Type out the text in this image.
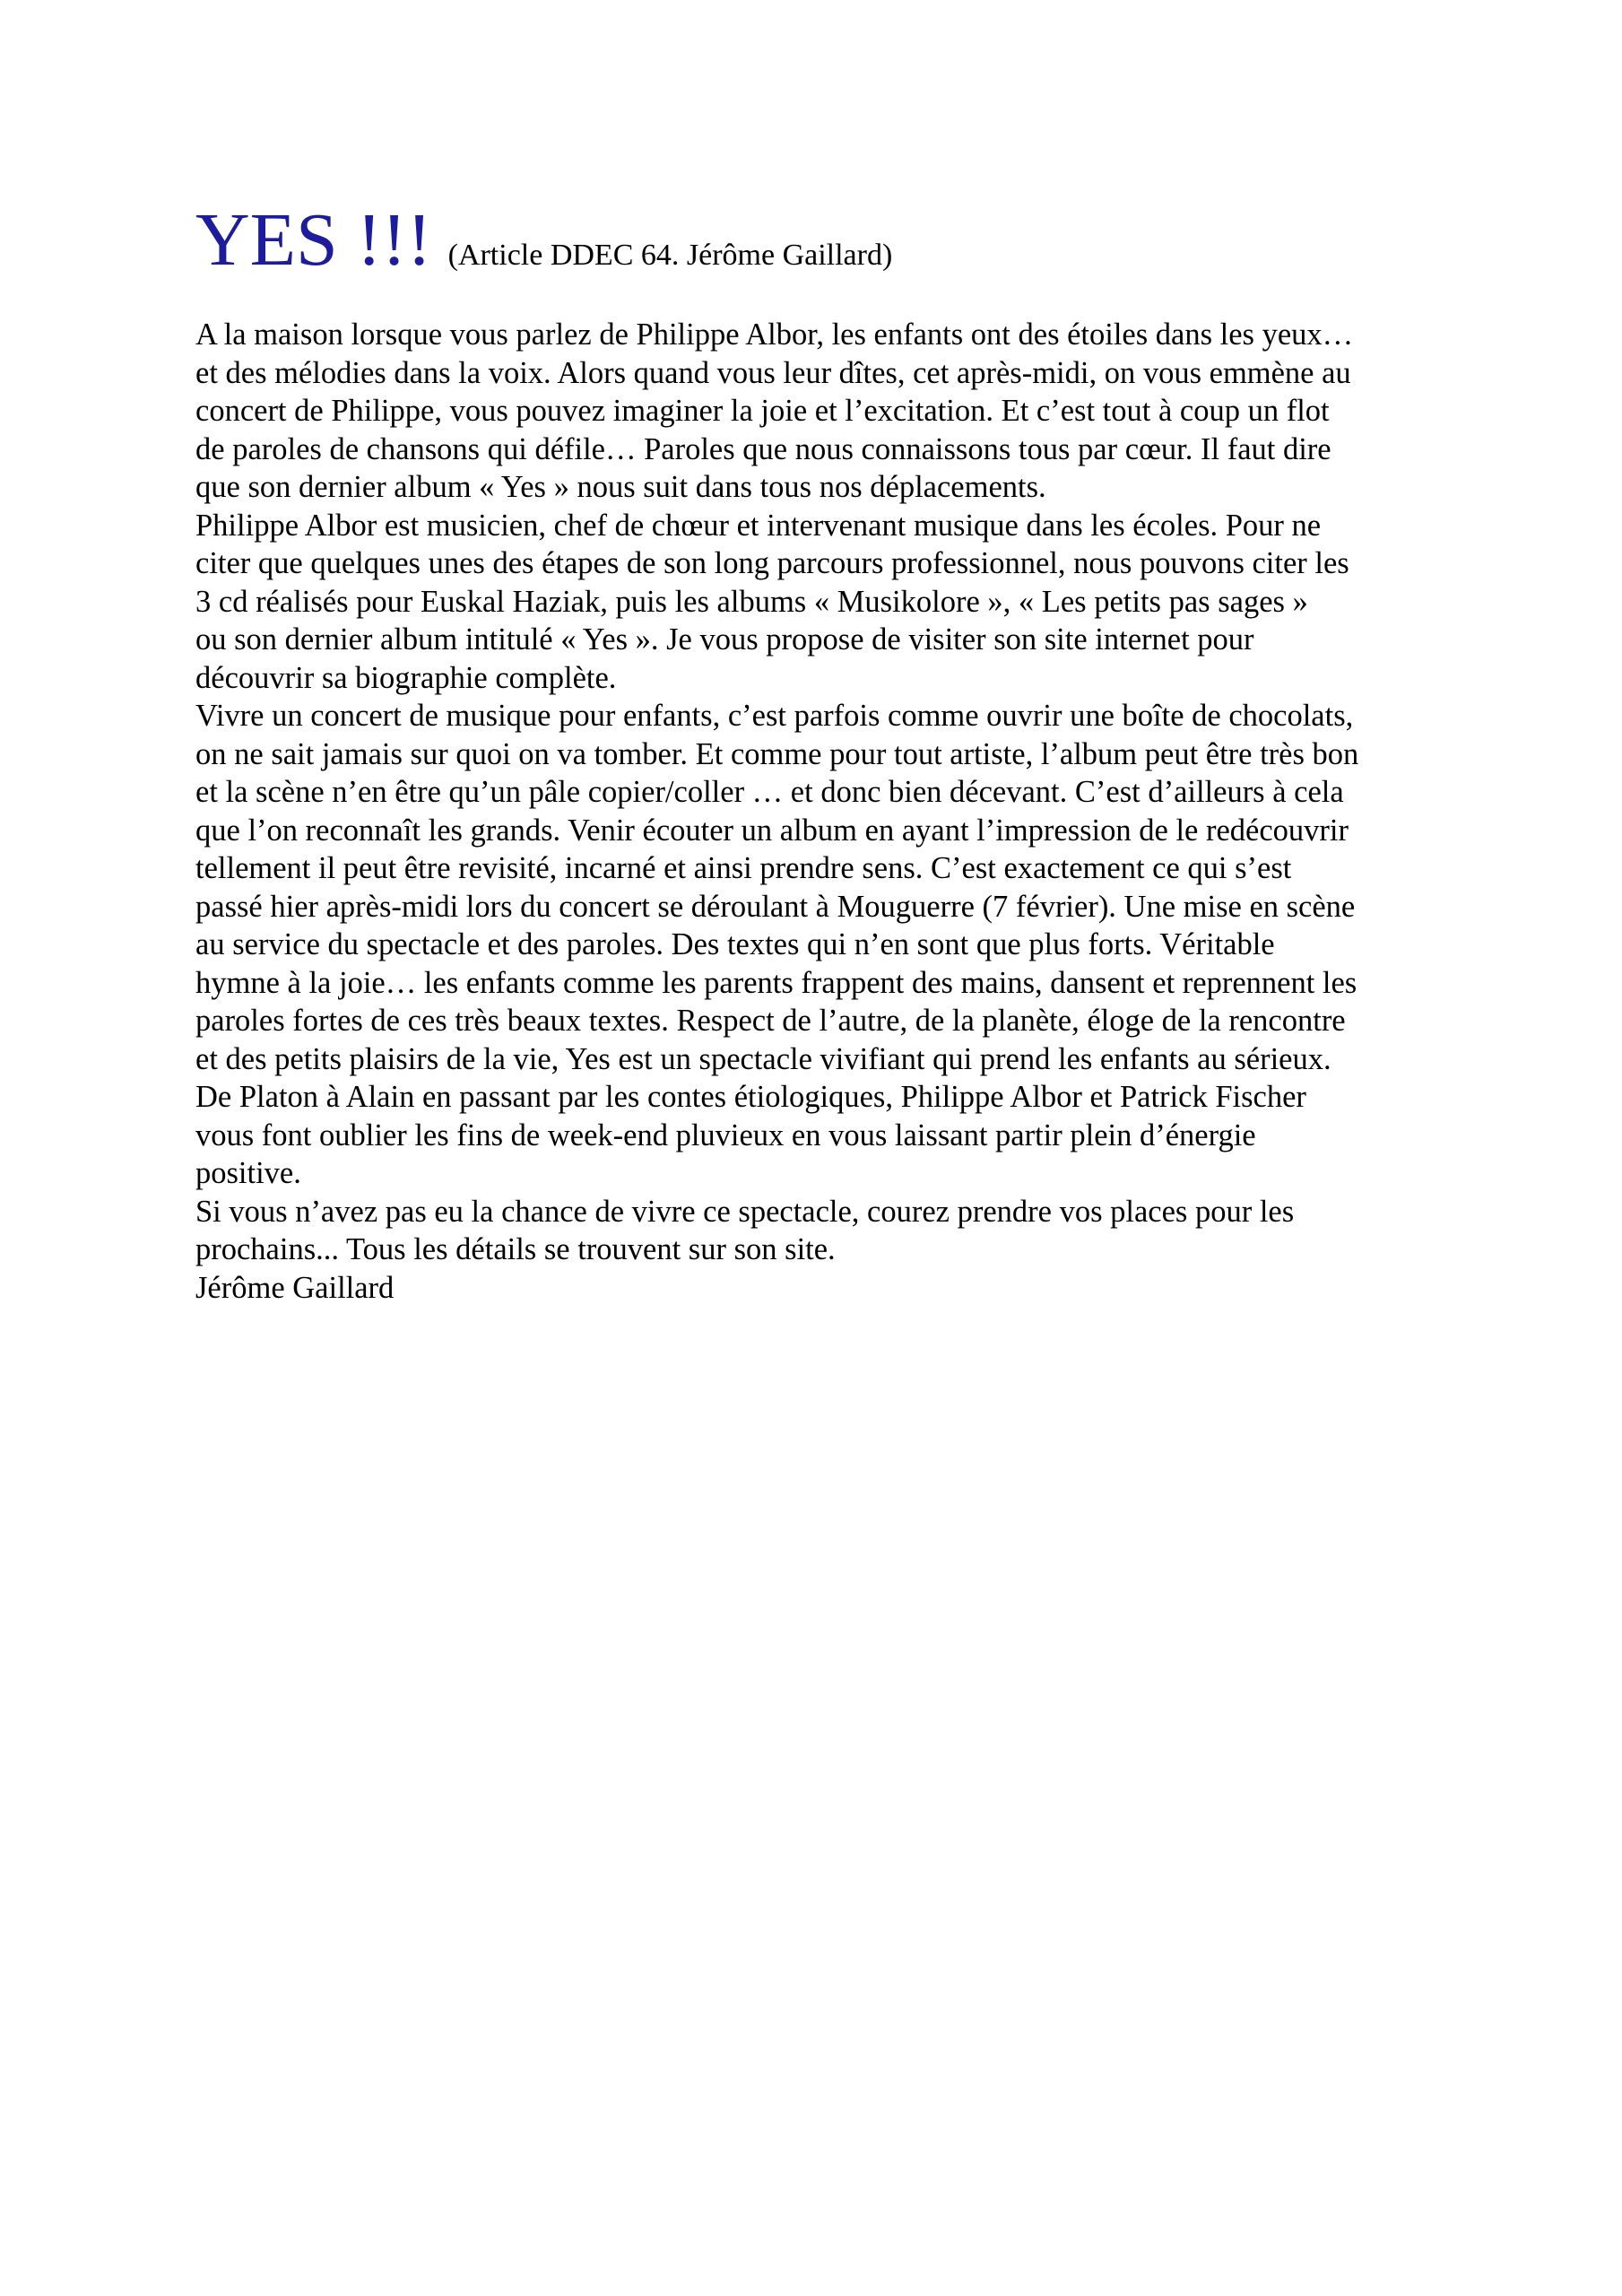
YES !!! (Article DDEC 64. Jérôme Gaillard)
A la maison lorsque vous parlez de Philippe Albor, les enfants ont des étoiles dans les yeux…
et des mélodies dans la voix. Alors quand vous leur dîtes, cet après-midi, on vous emmène au
concert de Philippe, vous pouvez imaginer la joie et l’excitation. Et c’est tout à coup un flot
de paroles de chansons qui défile… Paroles que nous connaissons tous par cœur. Il faut dire
que son dernier album « Yes » nous suit dans tous nos déplacements.
Philippe Albor est musicien, chef de chœur et intervenant musique dans les écoles. Pour ne
citer que quelques unes des étapes de son long parcours professionnel, nous pouvons citer les
3 cd réalisés pour Euskal Haziak, puis les albums « Musikolore », « Les petits pas sages »
ou son dernier album intitulé « Yes ». Je vous propose de visiter son site internet pour
découvrir sa biographie complète.
Vivre un concert de musique pour enfants, c’est parfois comme ouvrir une boîte de chocolats,
on ne sait jamais sur quoi on va tomber. Et comme pour tout artiste, l’album peut être très bon
et la scène n’en être qu’un pâle copier/coller … et donc bien décevant. C’est d’ailleurs à cela
que l’on reconnaît les grands. Venir écouter un album en ayant l’impression de le redécouvrir
tellement il peut être revisité, incarné et ainsi prendre sens. C’est exactement ce qui s’est
passé hier après-midi lors du concert se déroulant à Mouguerre (7 février). Une mise en scène
au service du spectacle et des paroles. Des textes qui n’en sont que plus forts. Véritable
hymne à la joie… les enfants comme les parents frappent des mains, dansent et reprennent les
paroles fortes de ces très beaux textes. Respect de l’autre, de la planète, éloge de la rencontre
et des petits plaisirs de la vie, Yes est un spectacle vivifiant qui prend les enfants au sérieux.
De Platon à Alain en passant par les contes étiologiques, Philippe Albor et Patrick Fischer
vous font oublier les fins de week-end pluvieux en vous laissant partir plein d’énergie
positive.
Si vous n’avez pas eu la chance de vivre ce spectacle, courez prendre vos places pour les
prochains... Tous les détails se trouvent sur son site.
Jérôme Gaillard
